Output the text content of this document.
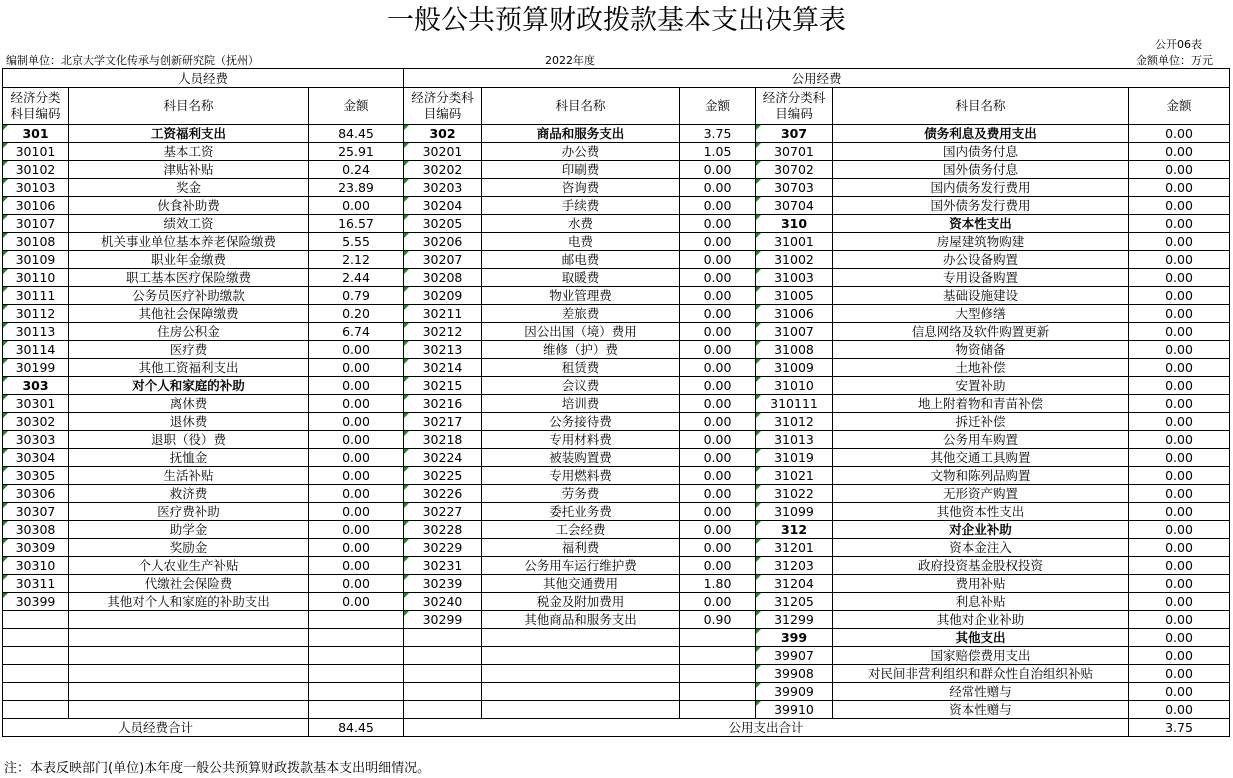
一般公共预算财政拨款基本支出决算表
公开06表
编制单位：北京大学文化传承与创新研究院（抚州）	2022年度	金额单位：万元
人员经费			公用经费					
经济分类科目编码	科目名称	金额	经济分类科目编码	科目名称	金额	经济分类科目编码	科目名称	金额
301	工资福利支出	84.45	302	商品和服务支出	3.75	307	债务利息及费用支出	0.00
30101	基本工资	25.91	30201	办公费	1.05	30701	国内债务付息	0.00
30102	津贴补贴	0.24	30202	印刷费	0.00	30702	国外债务付息	0.00
30103	奖金	23.89	30203	咨询费	0.00	30703	国内债务发行费用	0.00
30106	伙食补助费	0.00	30204	手续费	0.00	30704	国外债务发行费用	0.00
30107	绩效工资	16.57	30205	水费	0.00	310	资本性支出	0.00
30108	机关事业单位基本养老保险缴费	5.55	30206	电费	0.00	31001	房屋建筑物购建	0.00
30109	职业年金缴费	2.12	30207	邮电费	0.00	31002	办公设备购置	0.00
30110	职工基本医疗保险缴费	2.44	30208	取暖费	0.00	31003	专用设备购置	0.00
30111	公务员医疗补助缴款	0.79	30209	物业管理费	0.00	31005	基础设施建设	0.00
30112	其他社会保障缴费	0.20	30211	差旅费	0.00	31006	大型修缮	0.00
30113	住房公积金	6.74	30212	因公出国（境）费用	0.00	31007	信息网络及软件购置更新	0.00
30114	医疗费	0.00	30213	维修（护）费	0.00	31008	物资储备	0.00
30199	其他工资福利支出	0.00	30214	租赁费	0.00	31009	土地补偿	0.00
303	对个人和家庭的补助	0.00	30215	会议费	0.00	31010	安置补助	0.00
30301	离休费	0.00	30216	培训费	0.00	310111	地上附着物和青苗补偿	0.00
30302	退休费	0.00	30217	公务接待费	0.00	31012	拆迁补偿	0.00
30303	退职（役）费	0.00	30218	专用材料费	0.00	31013	公务用车购置	0.00
30304	抚恤金	0.00	30224	被装购置费	0.00	31019	其他交通工具购置	0.00
30305	生活补贴	0.00	30225	专用燃料费	0.00	31021	文物和陈列品购置	0.00
30306	救济费	0.00	30226	劳务费	0.00	31022	无形资产购置	0.00
30307	医疗费补助	0.00	30227	委托业务费	0.00	31099	其他资本性支出	0.00
30308	助学金	0.00	30228	工会经费	0.00	312	对企业补助	0.00
30309	奖励金	0.00	30229	福利费	0.00	31201	资本金注入	0.00
30310	个人农业生产补贴	0.00	30231	公务用车运行维护费	0.00	31203	政府投资基金股权投资	0.00
30311	代缴社会保险费	0.00	30239	其他交通费用	1.80	31204	费用补贴	0.00
30399	其他对个人和家庭的补助支出	0.00	30240	税金及附加费用	0.00	31205	利息补贴	0.00
			30299	其他商品和服务支出	0.90	31299	其他对企业补助	0.00
						399	其他支出	0.00
						39907	国家赔偿费用支出	0.00
						39908	对民间非营利组织和群众性自治组织补贴	0.00
						39909	经常性赠与	0.00
						39910	资本性赠与	0.00
人员经费合计		84.45	公用支出合计					3.75
注：本表反映部门(单位)本年度一般公共预算财政拨款基本支出明细情况。
